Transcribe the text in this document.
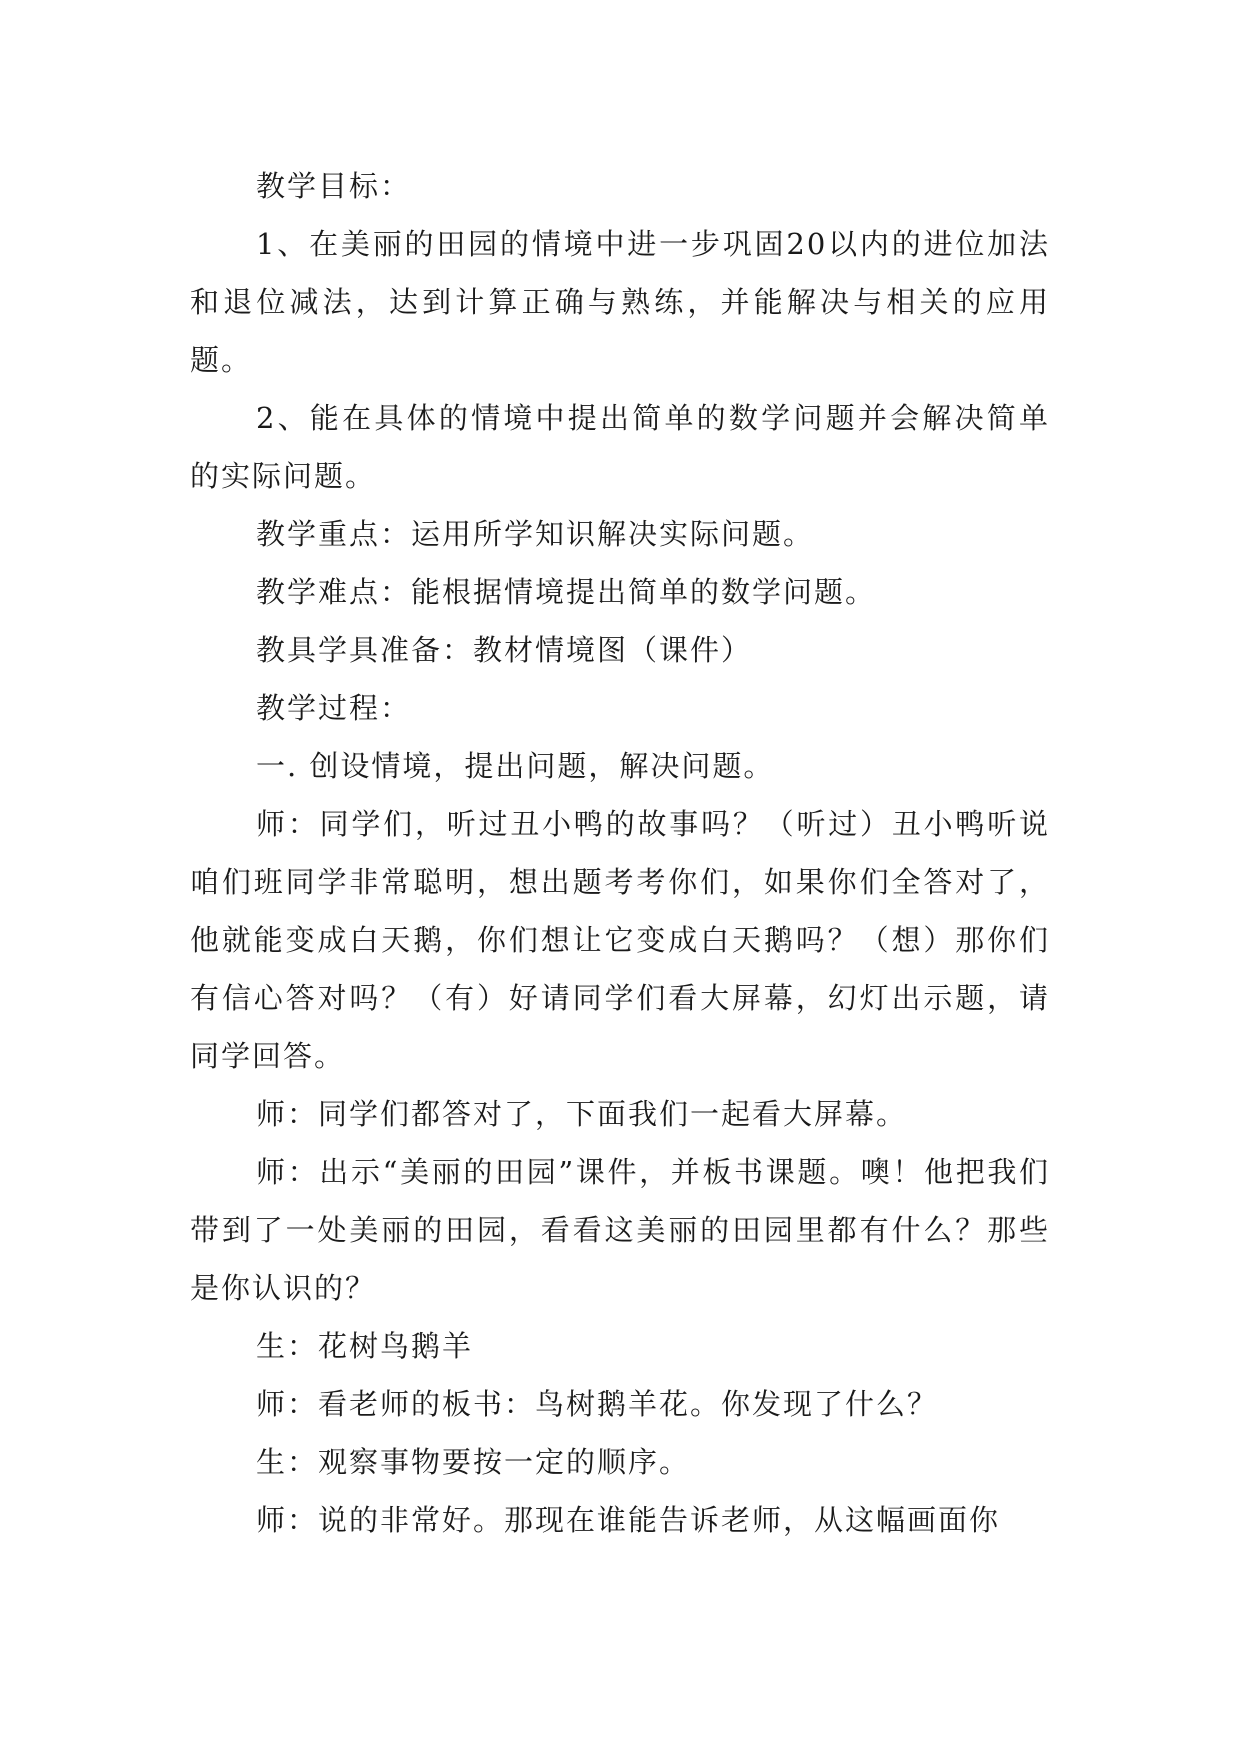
教学目标：

1、在美丽的田园的情境中进一步巩固20以内的进位加法和退位减法，达到计算正确与熟练，并能解决与相关的应用题。

2、能在具体的情境中提出简单的数学问题并会解决简单的实际问题。

教学重点：运用所学知识解决实际问题。

教学难点：能根据情境提出简单的数学问题。

教具学具准备：教材情境图（课件）

教学过程：

一. 创设情境，提出问题，解决问题。

师：同学们，听过丑小鸭的故事吗？（听过）丑小鸭听说咱们班同学非常聪明，想出题考考你们，如果你们全答对了，他就能变成白天鹅，你们想让它变成白天鹅吗？（想）那你们有信心答对吗？（有）好请同学们看大屏幕，幻灯出示题，请同学回答。

师：同学们都答对了，下面我们一起看大屏幕。

师：出示“美丽的田园”课件，并板书课题。噢！他把我们带到了一处美丽的田园，看看这美丽的田园里都有什么？那些是你认识的？

生：花树鸟鹅羊

师：看老师的板书：鸟树鹅羊花。你发现了什么？

生：观察事物要按一定的顺序。

师：说的非常好。那现在谁能告诉老师，从这幅画面你
